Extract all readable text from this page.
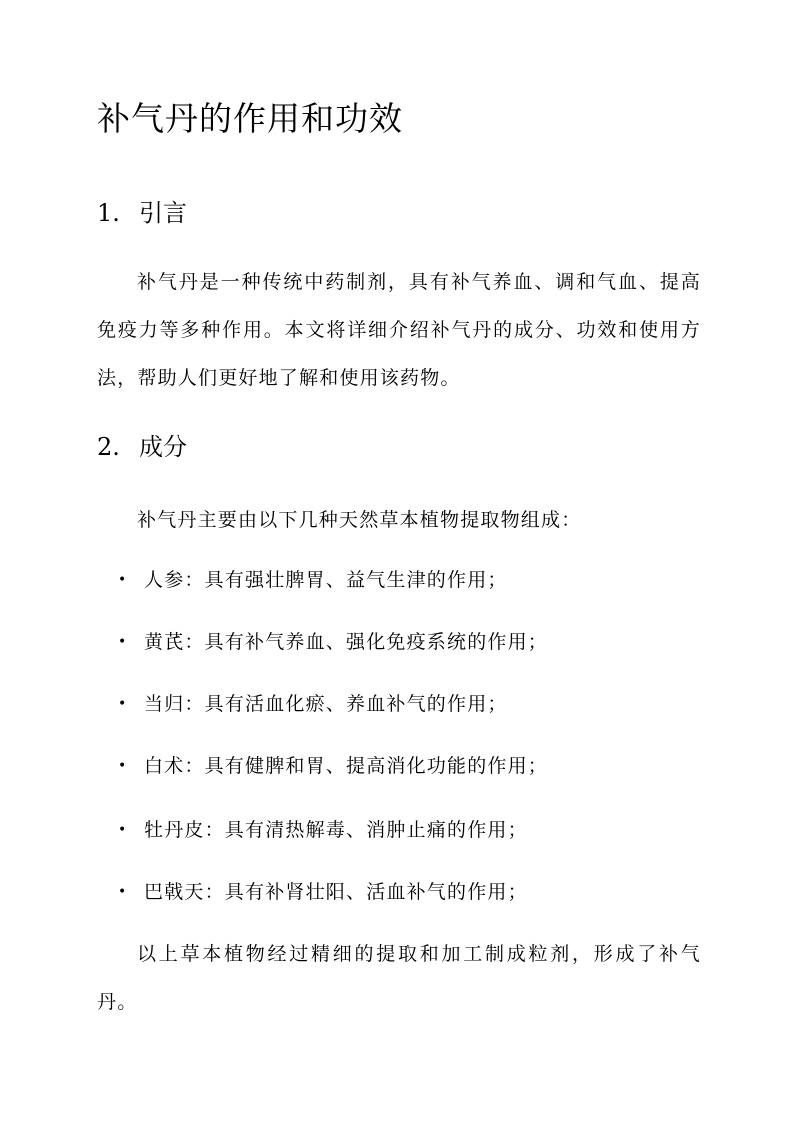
补气丹的作用和功效
1. 引言

补气丹是一种传统中药制剂，具有补气养血、调和气血、提高免疫力等多种作用。本文将详细介绍补气丹的成分、功效和使用方法，帮助人们更好地了解和使用该药物。

2. 成分

补气丹主要由以下几种天然草本植物提取物组成：

• 人参：具有强壮脾胃、益气生津的作用；
• 黄芪：具有补气养血、强化免疫系统的作用；
• 当归：具有活血化瘀、养血补气的作用；
• 白术：具有健脾和胃、提高消化功能的作用；
• 牡丹皮：具有清热解毒、消肿止痛的作用；
• 巴戟天：具有补肾壮阳、活血补气的作用；

以上草本植物经过精细的提取和加工制成粒剂，形成了补气丹。
